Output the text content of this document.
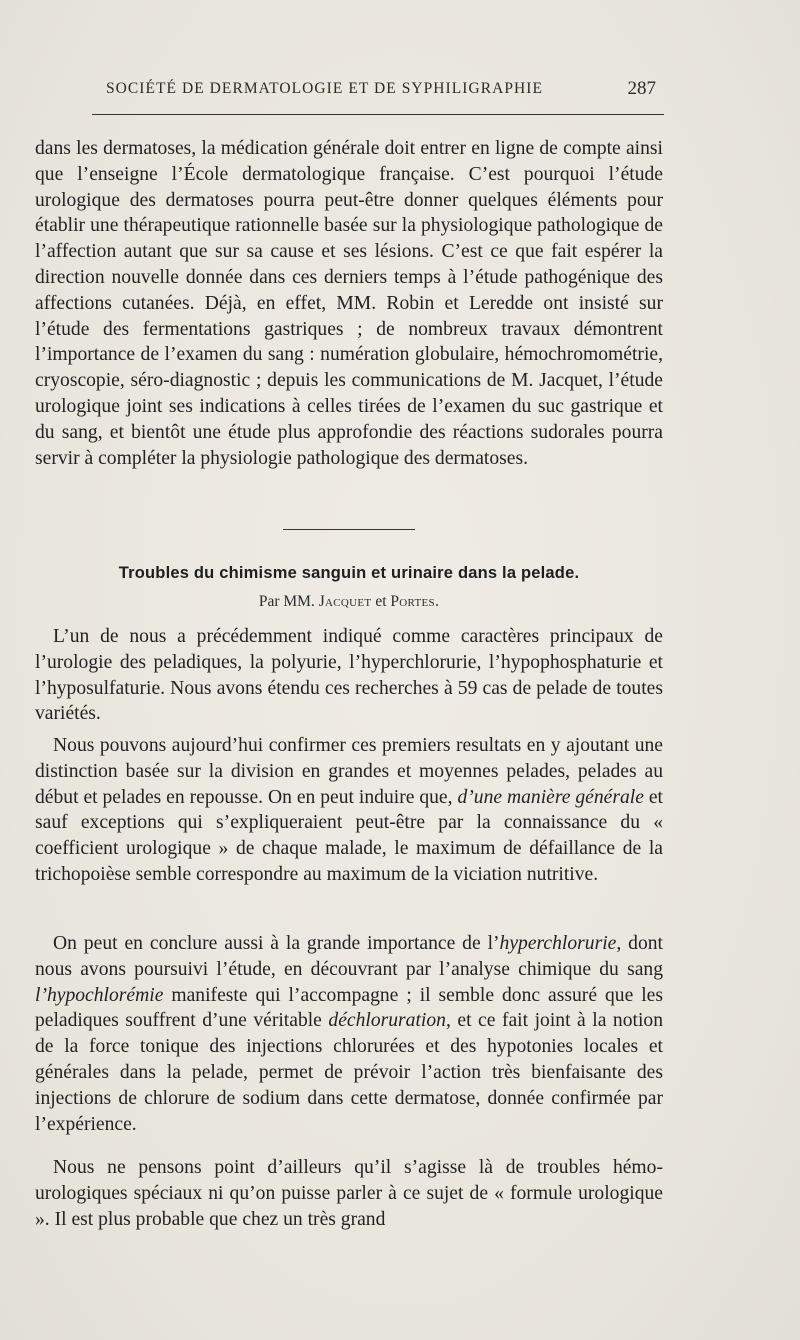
SOCIÉTÉ DE DERMATOLOGIE ET DE SYPHILIGRAPHIE	287
dans les dermatoses, la médication générale doit entrer en ligne de compte ainsi que l’enseigne l’École dermatologique française. C’est pourquoi l’étude urologique des dermatoses pourra peut-être donner quelques éléments pour établir une thérapeutique rationnelle basée sur la physiologique pathologique de l’affection autant que sur sa cause et ses lésions. C’est ce que fait espérer la direction nouvelle donnée dans ces derniers temps à l’étude pathogénique des affections cutanées. Déjà, en effet, MM. Robin et Leredde ont insisté sur l’étude des fermentations gastriques ; de nombreux travaux démontrent l’importance de l’examen du sang : numération globulaire, hémochromométrie, cryoscopie, séro-diagnostic ; depuis les communications de M. Jacquet, l’étude urologique joint ses indications à celles tirées de l’examen du suc gastrique et du sang, et bientôt une étude plus approfondie des réactions sudorales pourra servir à compléter la physiologie pathologique des dermatoses.
Troubles du chimisme sanguin et urinaire dans la pelade.
Par MM. Jacquet et Portes.
L’un de nous a précédemment indiqué comme caractères principaux de l’urologie des peladiques, la polyurie, l’hyperchlorurie, l’hypophosphaturie et l’hyposulfaturie. Nous avons étendu ces recherches à 59 cas de pelade de toutes variétés.
Nous pouvons aujourd’hui confirmer ces premiers resultats en y ajoutant une distinction basée sur la division en grandes et moyennes pelades, pelades au début et pelades en repousse. On en peut induire que, d’une manière générale et sauf exceptions qui s’expliqueraient peut-être par la connaissance du « coefficient urologique » de chaque malade, le maximum de défaillance de la trichopoièse semble correspondre au maximum de la viciation nutritive.
On peut en conclure aussi à la grande importance de l’hyperchlorurie, dont nous avons poursuivi l’étude, en découvrant par l’analyse chimique du sang l’hypochlorémie manifeste qui l’accompagne ; il semble donc assuré que les peladiques souffrent d’une véritable déchloruration, et ce fait joint à la notion de la force tonique des injections chlorurées et des hypotonies locales et générales dans la pelade, permet de prévoir l’action très bienfaisante des injections de chlorure de sodium dans cette dermatose, donnée confirmée par l’expérience.
Nous ne pensons point d’ailleurs qu’il s’agisse là de troubles hémo-urologiques spéciaux ni qu’on puisse parler à ce sujet de « formule urologique ». Il est plus probable que chez un très grand
